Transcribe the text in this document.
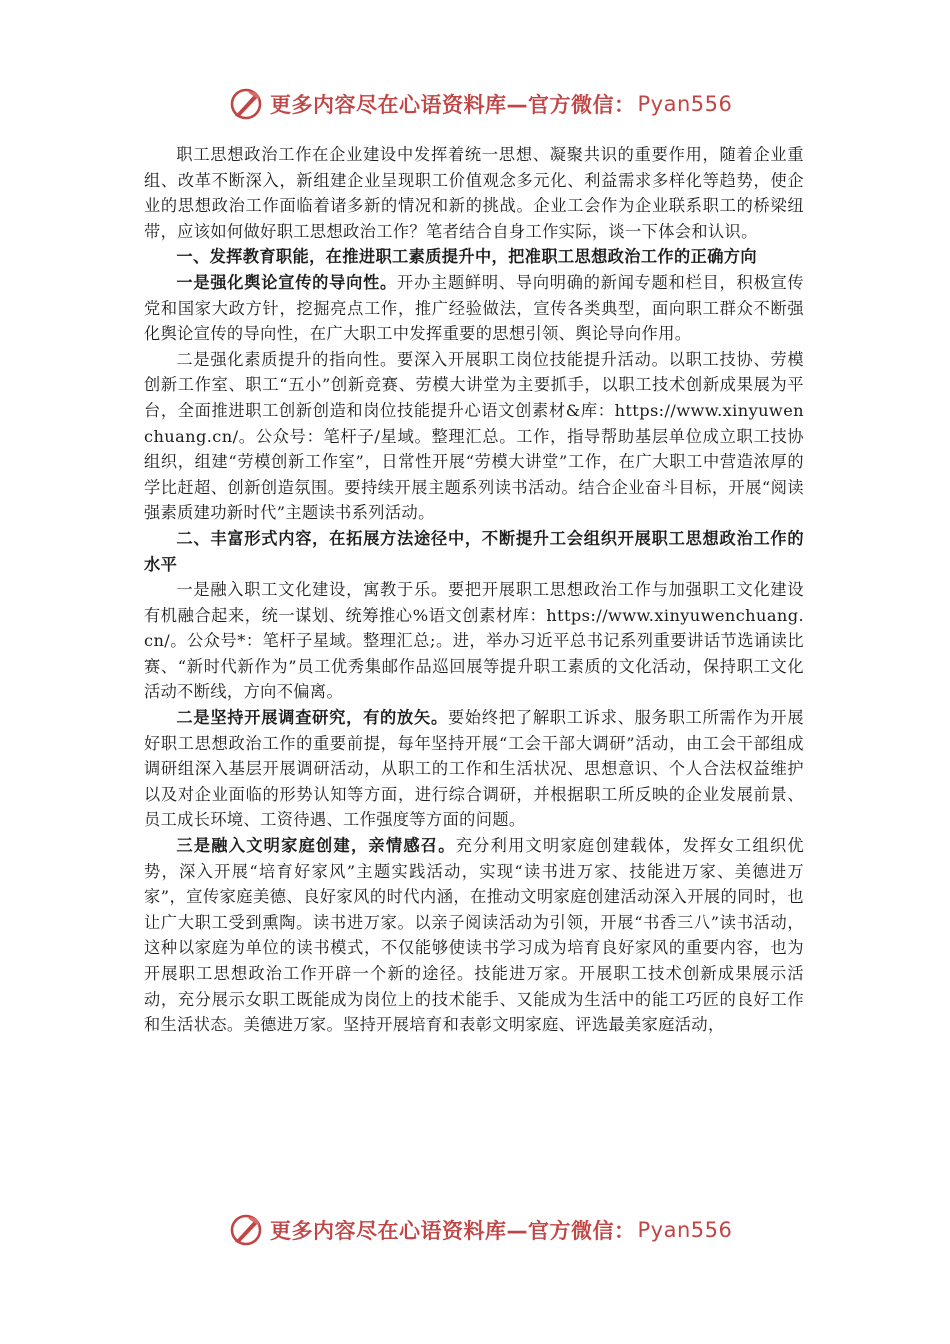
更多内容尽在心语资料库—官方微信： Pyan556

职工思想政治工作在企业建设中发挥着统一思想、凝聚共识的重要作用，随着企业重组、改革不断深入，新组建企业呈现职工价值观念多元化、利益需求多样化等趋势，使企业的思想政治工作面临着诸多新的情况和新的挑战。企业工会作为企业联系职工的桥梁纽带，应该如何做好职工思想政治工作？笔者结合自身工作实际，谈一下体会和认识。

一、发挥教育职能，在推进职工素质提升中，把准职工思想政治工作的正确方向

一是强化舆论宣传的导向性。开办主题鲜明、导向明确的新闻专题和栏目，积极宣传党和国家大政方针，挖掘亮点工作，推广经验做法，宣传各类典型，面向职工群众不断强化舆论宣传的导向性，在广大职工中发挥重要的思想引领、舆论导向作用。

二是强化素质提升的指向性。要深入开展职工岗位技能提升活动。以职工技协、劳模创新工作室、职工“五小”创新竞赛、劳模大讲堂为主要抓手，以职工技术创新成果展为平台，全面推进职工创新创造和岗位技能提升心语文创素材&库：https://www.xinyuwenchuang.cn/。公众号：笔杆子/星域。整理汇总。工作，指导帮助基层单位成立职工技协组织，组建“劳模创新工作室”，日常性开展“劳模大讲堂”工作，在广大职工中营造浓厚的学比赶超、创新创造氛围。要持续开展主题系列读书活动。结合企业奋斗目标，开展“阅读强素质建功新时代”主题读书系列活动。

二、丰富形式内容，在拓展方法途径中，不断提升工会组织开展职工思想政治工作的水平

一是融入职工文化建设，寓教于乐。要把开展职工思想政治工作与加强职工文化建设有机融合起来，统一谋划、统筹推心%语文创素材库：https://www.xinyuwenchuang.cn/。公众号*：笔杆子星域。整理汇总;。进，举办习近平总书记系列重要讲话节选诵读比赛、“新时代新作为”员工优秀集邮作品巡回展等提升职工素质的文化活动，保持职工文化活动不断线，方向不偏离。

二是坚持开展调查研究，有的放矢。要始终把了解职工诉求、服务职工所需作为开展好职工思想政治工作的重要前提，每年坚持开展“工会干部大调研”活动，由工会干部组成调研组深入基层开展调研活动，从职工的工作和生活状况、思想意识、个人合法权益维护以及对企业面临的形势认知等方面，进行综合调研，并根据职工所反映的企业发展前景、员工成长环境、工资待遇、工作强度等方面的问题。

三是融入文明家庭创建，亲情感召。充分利用文明家庭创建载体，发挥女工组织优势，深入开展“培育好家风”主题实践活动，实现“读书进万家、技能进万家、美德进万家”，宣传家庭美德、良好家风的时代内涵，在推动文明家庭创建活动深入开展的同时，也让广大职工受到熏陶。读书进万家。以亲子阅读活动为引领，开展“书香三八”读书活动，这种以家庭为单位的读书模式，不仅能够使读书学习成为培育良好家风的重要内容，也为开展职工思想政治工作开辟一个新的途径。技能进万家。开展职工技术创新成果展示活动，充分展示女职工既能成为岗位上的技术能手、又能成为生活中的能工巧匠的良好工作和生活状态。美德进万家。坚持开展培育和表彰文明家庭、评选最美家庭活动，

更多内容尽在心语资料库—官方微信： Pyan556
